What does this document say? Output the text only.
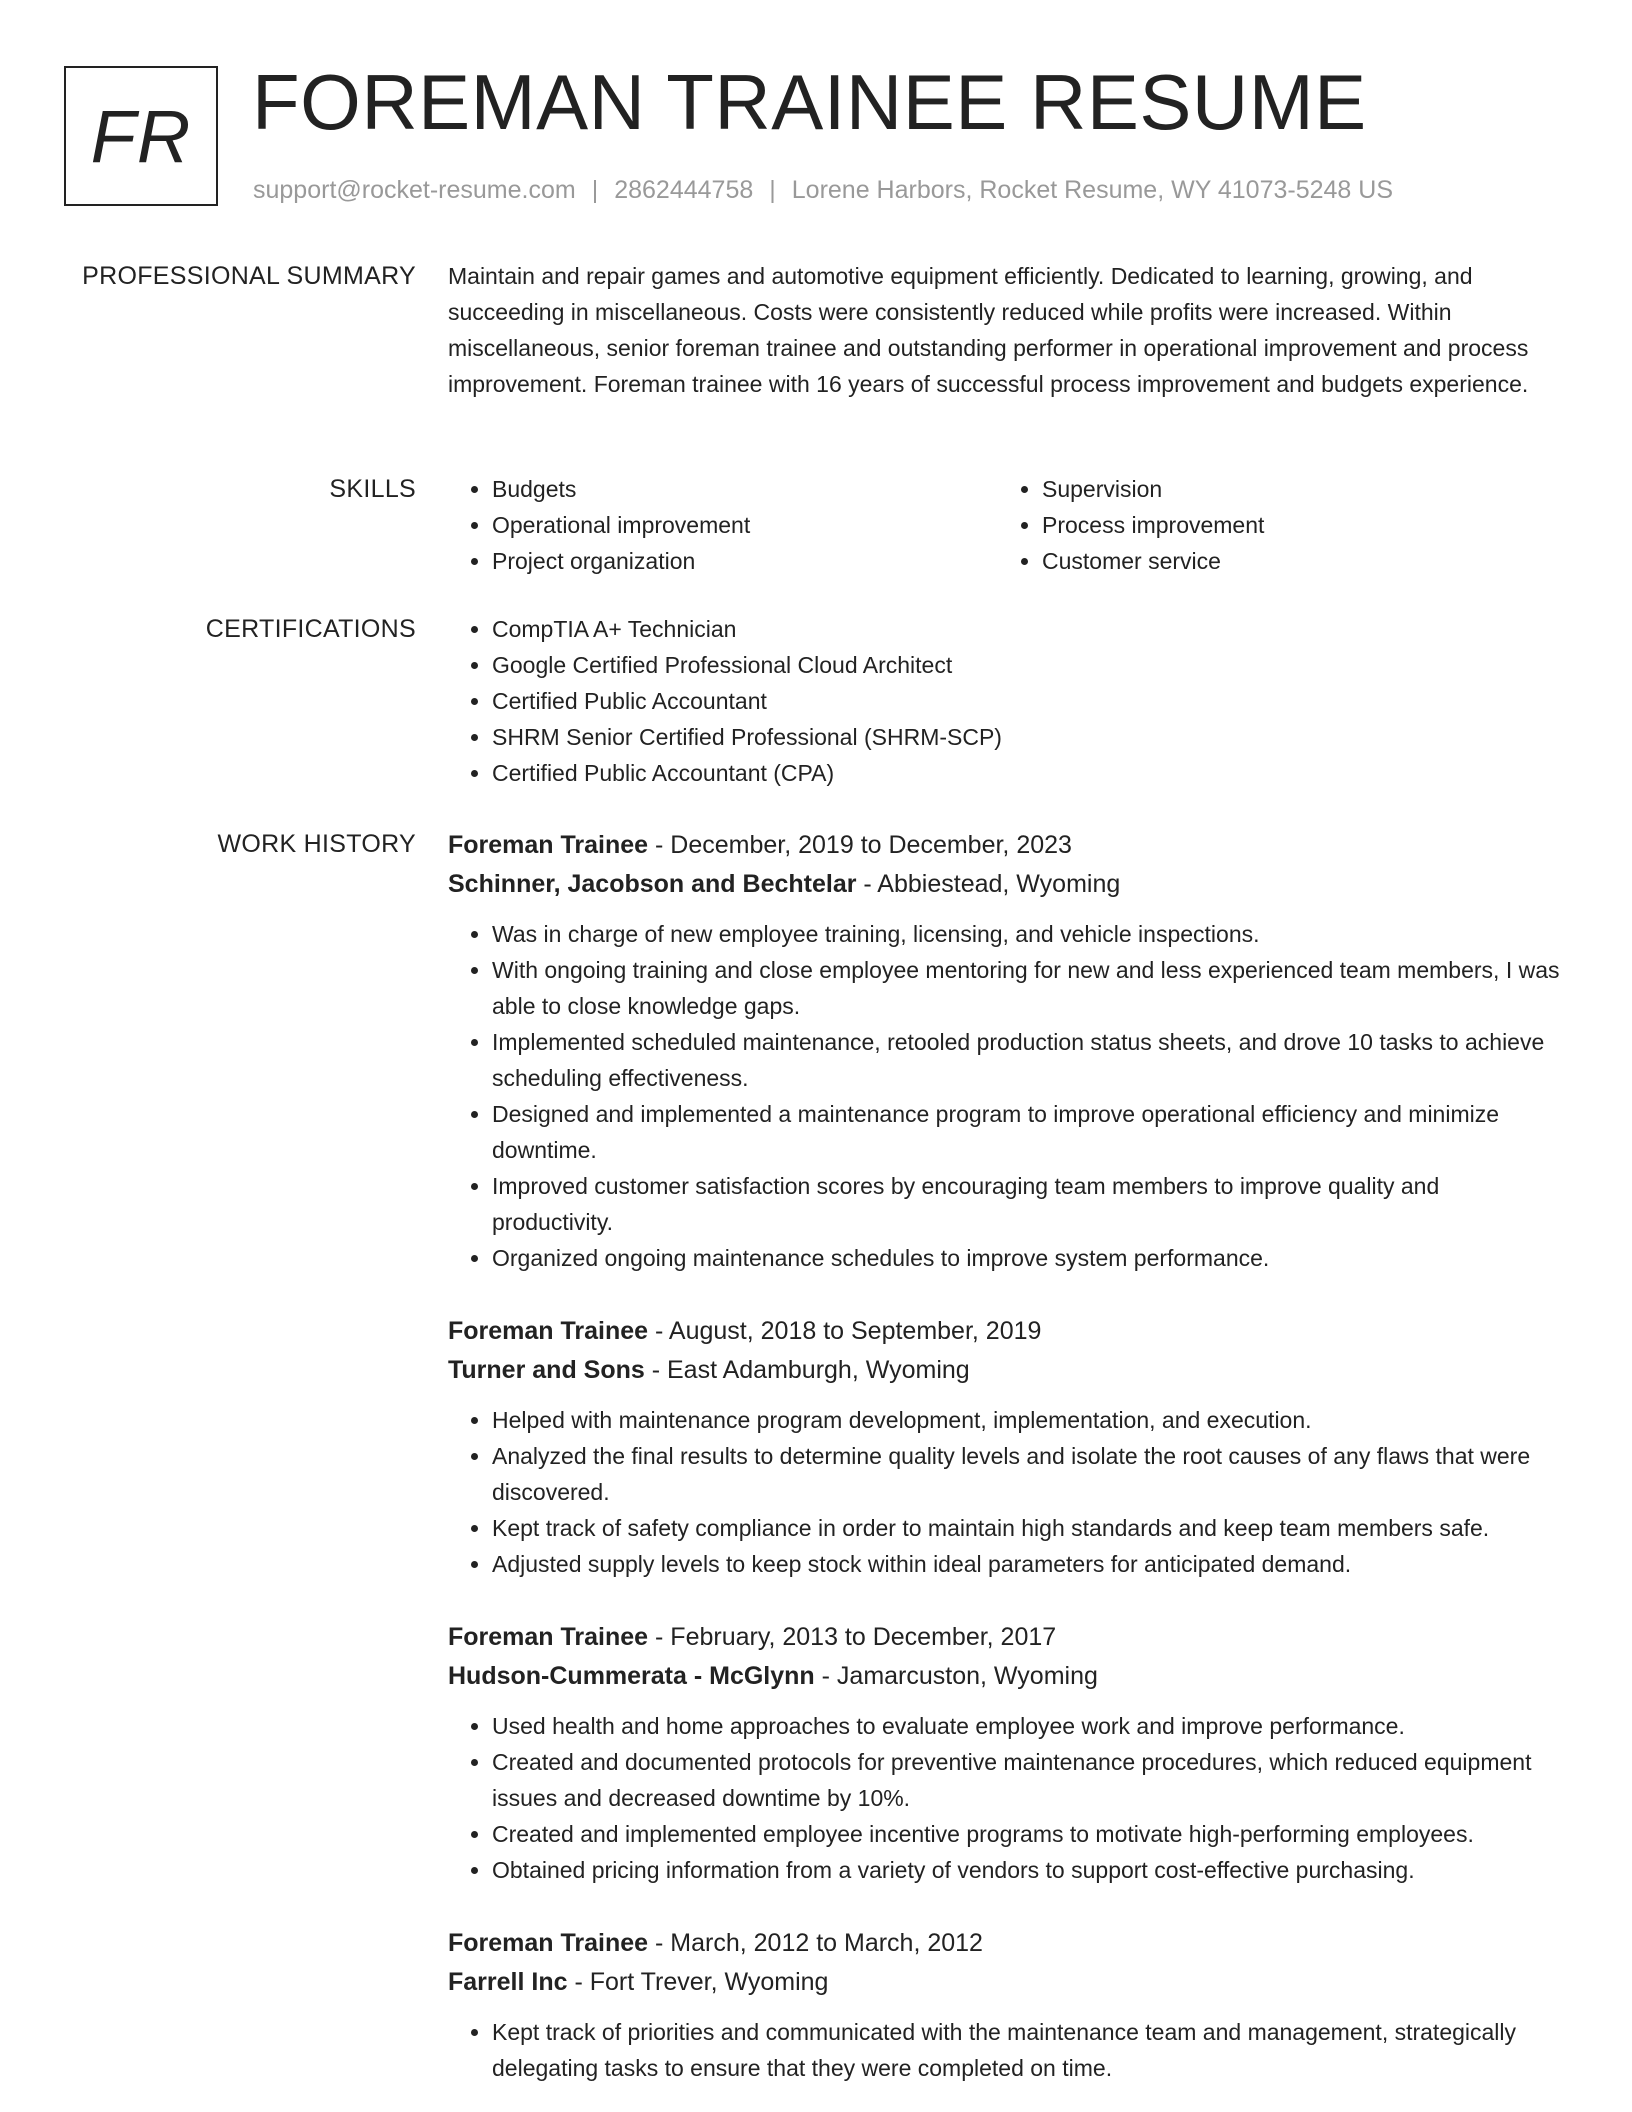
FR FOREMAN TRAINEE RESUME
support@rocket-resume.com | 2862444758 | Lorene Harbors, Rocket Resume, WY 41073-5248 US
PROFESSIONAL SUMMARY Maintain and repair games and automotive equipment efficiently. Dedicated to learning, growing, and succeeding in miscellaneous. Costs were consistently reduced while profits were increased. Within miscellaneous, senior foreman trainee and outstanding performer in operational improvement and process improvement. Foreman trainee with 16 years of successful process improvement and budgets experience.

SKILLS	• Budgets
• Operational improvement
• Project organization
• Supervision
• Process improvement
• Customer service
CERTIFICATIONS	• CompTIA A+ Technician
• Google Certified Professional Cloud Architect
• Certified Public Accountant
• SHRM Senior Certified Professional (SHRM-SCP)
• Certified Public Accountant (CPA)
WORK HISTORY Foreman Trainee - December, 2019 to December, 2023
Schinner, Jacobson and Bechtelar - Abbiestead, Wyoming
• Was in charge of new employee training, licensing, and vehicle inspections.
• With ongoing training and close employee mentoring for new and less experienced team members, I was able to close knowledge gaps.
• Implemented scheduled maintenance, retooled production status sheets, and drove 10 tasks to achieve scheduling effectiveness.
• Designed and implemented a maintenance program to improve operational efficiency and minimize downtime.
• Improved customer satisfaction scores by encouraging team members to improve quality and productivity.
• Organized ongoing maintenance schedules to improve system performance.
Foreman Trainee - August, 2018 to September, 2019
Turner and Sons - East Adamburgh, Wyoming
• Helped with maintenance program development, implementation, and execution.
• Analyzed the final results to determine quality levels and isolate the root causes of any flaws that were discovered.
• Kept track of safety compliance in order to maintain high standards and keep team members safe.
• Adjusted supply levels to keep stock within ideal parameters for anticipated demand.
Foreman Trainee - February, 2013 to December, 2017
Hudson-Cummerata - McGlynn - Jamarcuston, Wyoming
• Used health and home approaches to evaluate employee work and improve performance.
• Created and documented protocols for preventive maintenance procedures, which reduced equipment issues and decreased downtime by 10%.
• Created and implemented employee incentive programs to motivate high-performing employees.
• Obtained pricing information from a variety of vendors to support cost-effective purchasing.
Foreman Trainee - March, 2012 to March, 2012
Farrell Inc - Fort Trever, Wyoming
• Kept track of priorities and communicated with the maintenance team and management, strategically delegating tasks to ensure that they were completed on time.
